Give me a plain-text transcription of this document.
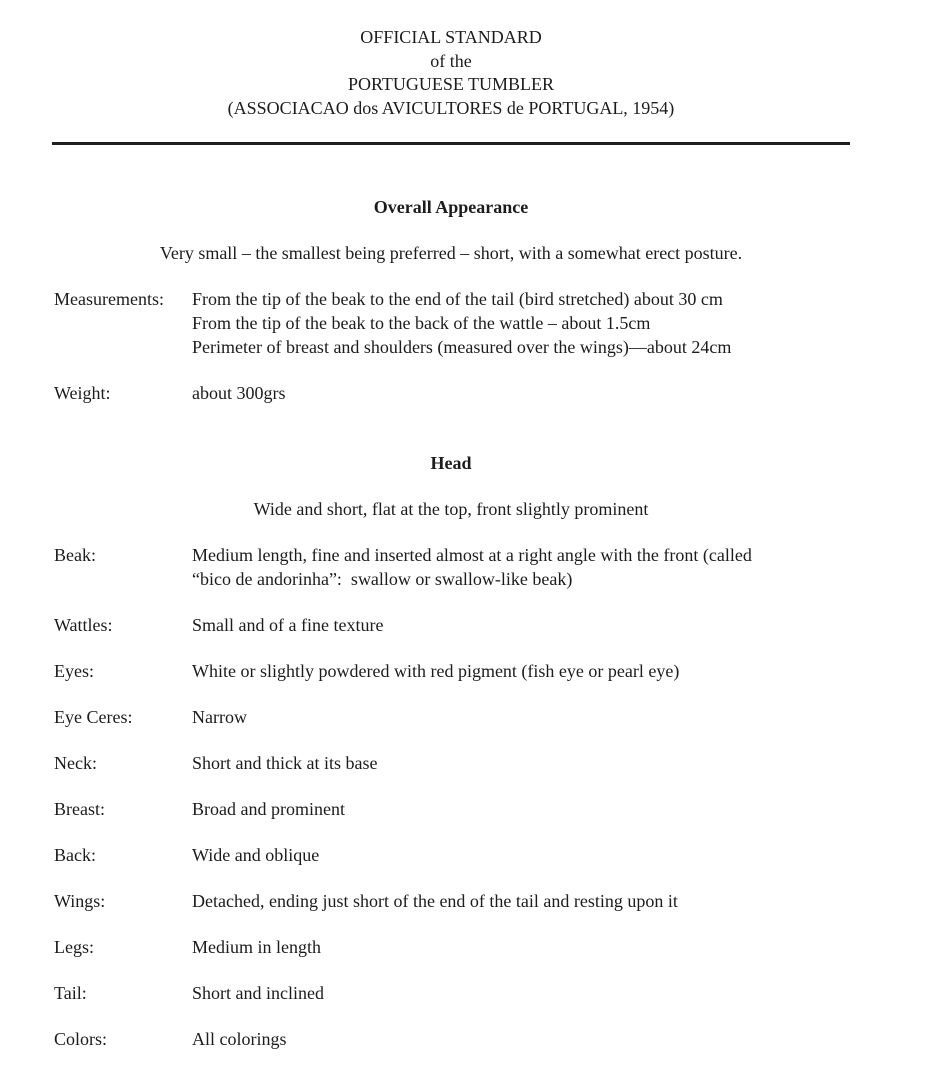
OFFICIAL STANDARD
of the
PORTUGUESE TUMBLER
(ASSOCIACAO dos AVICULTORES de PORTUGAL, 1954)
Overall Appearance
Very small – the smallest being preferred – short, with a somewhat erect posture.
Measurements:	From the tip of the beak to the end of the tail (bird stretched) about 30 cm
From the tip of the beak to the back of the wattle – about 1.5cm
Perimeter of breast and shoulders (measured over the wings)—about 24cm
Weight:	about 300grs
Head
Wide and short, flat at the top, front slightly prominent
Beak:	Medium length, fine and inserted almost at a right angle with the front (called
“bico de andorinha”:  swallow or swallow-like beak)
Wattles:	Small and of a fine texture
Eyes:	White or slightly powdered with red pigment (fish eye or pearl eye)
Eye Ceres:	Narrow
Neck:	Short and thick at its base
Breast:	Broad and prominent
Back:	Wide and oblique
Wings:	Detached, ending just short of the end of the tail and resting upon it
Legs:	Medium in length
Tail:	Short and inclined
Colors:	All colorings
